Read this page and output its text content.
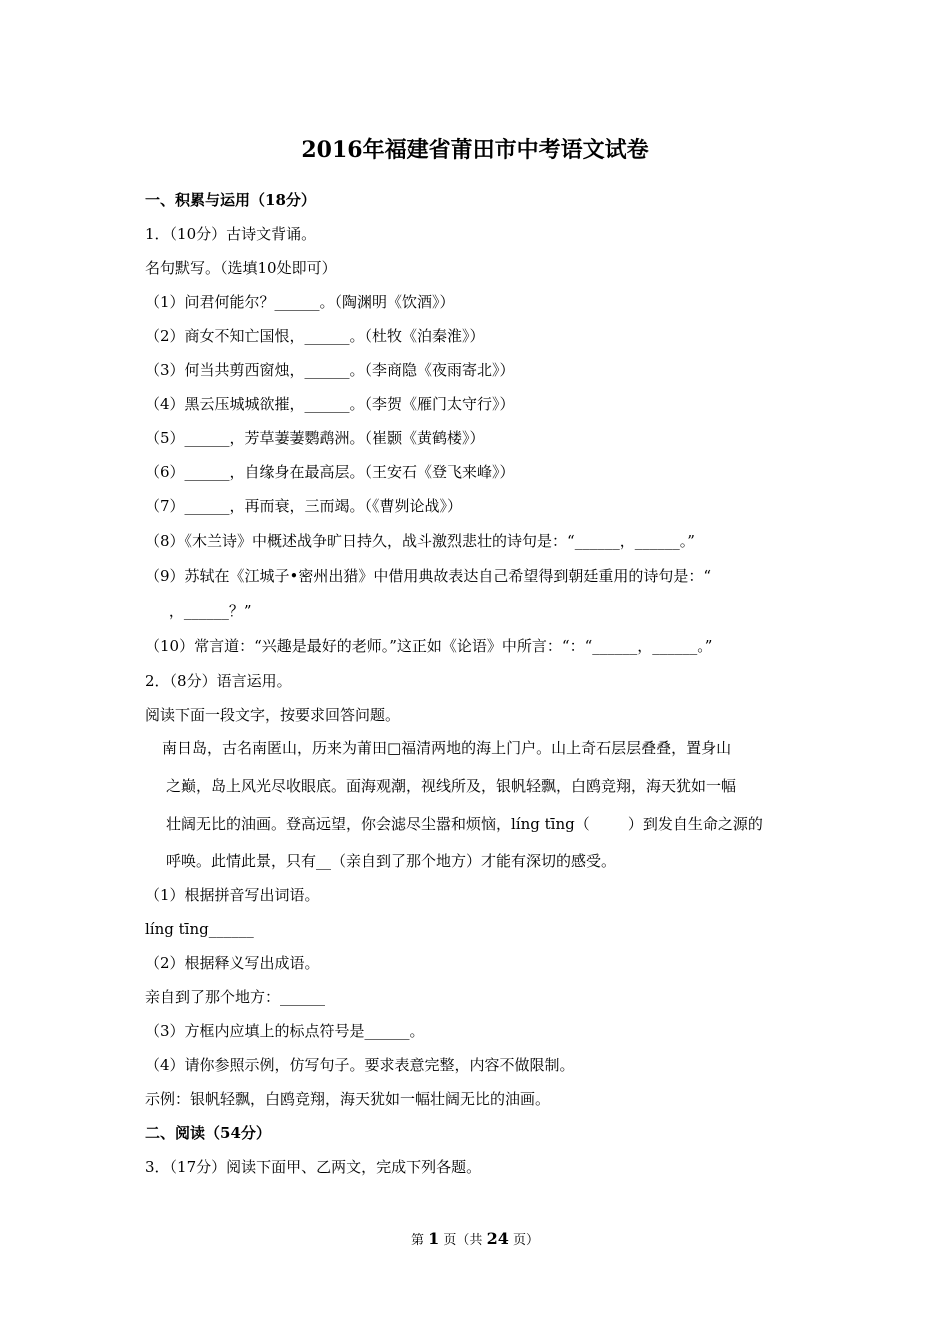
2016年福建省莆田市中考语文试卷
一、积累与运用（18分）
1．（10分）古诗文背诵。
名句默写。（选填10处即可）
（1）问君何能尔？______。（陶渊明《饮酒》）
（2）商女不知亡国恨，______。（杜牧《泊秦淮》）
（3）何当共剪西窗烛，______。（李商隐《夜雨寄北》）
（4）黑云压城城欲摧，______。（李贺《雁门太守行》）
（5）______，芳草萋萋鹦鹉洲。（崔颢《黄鹤楼》）
（6）______，自缘身在最高层。（王安石《登飞来峰》）
（7）______，再而衰，三而竭。（《曹刿论战》）
（8）《木兰诗》中概述战争旷日持久，战斗激烈悲壮的诗句是：“______，______。”
（9）苏轼在《江城子•密州出猎》中借用典故表达自己希望得到朝廷重用的诗句是：“
，______？”
（10）常言道：“兴趣是最好的老师。”这正如《论语》中所言：“：“______，______。”
2．（8分）语言运用。
阅读下面一段文字，按要求回答问题。
南日岛，古名南匿山，历来为莆田□福清两地的海上门户。山上奇石层层叠叠，置身山
之巅，岛上风光尽收眼底。面海观潮，视线所及，银帆轻飘，白鸥竞翔，海天犹如一幅
壮阔无比的油画。登高远望，你会滤尽尘嚣和烦恼，líng tīng（        ）到发自生命之源的
呼唤。此情此景，只有__（亲自到了那个地方）才能有深切的感受。
（1）根据拼音写出词语。
líng tīng______
（2）根据释义写出成语。
亲自到了那个地方：______
（3）方框内应填上的标点符号是______。
（4）请你参照示例，仿写句子。要求表意完整，内容不做限制。
示例：银帆轻飘，白鸥竞翔，海天犹如一幅壮阔无比的油画。
二、阅读（54分）
3．（17分）阅读下面甲、乙两文，完成下列各题。
第 1 页（共 24 页）
